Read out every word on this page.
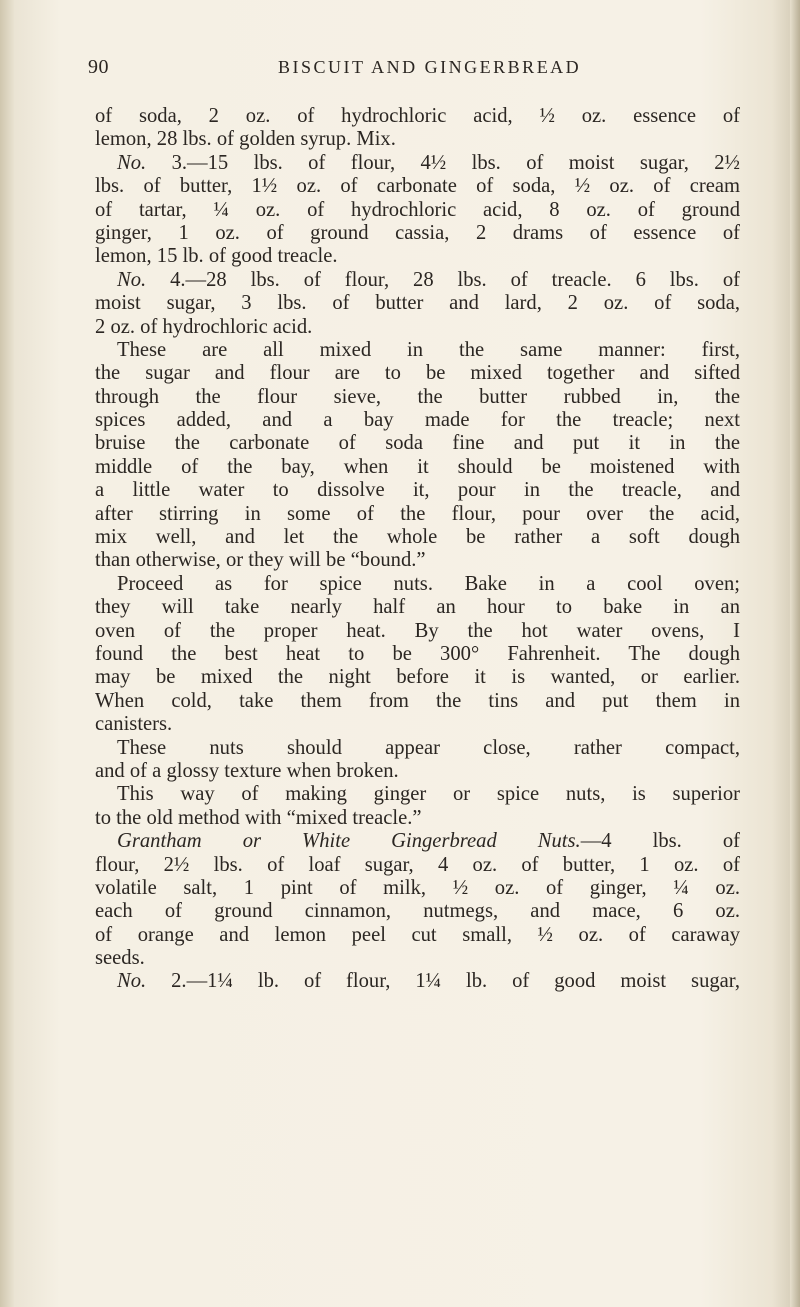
90	BISCUIT AND GINGERBREAD
of soda, 2 oz. of hydrochloric acid, ½ oz. essence of
lemon, 28 lbs. of golden syrup. Mix.
No. 3.—15 lbs. of flour, 4½ lbs. of moist sugar, 2½
lbs. of butter, 1½ oz. of carbonate of soda, ½ oz. of cream
of tartar, ¼ oz. of hydrochloric acid, 8 oz. of ground
ginger, 1 oz. of ground cassia, 2 drams of essence of
lemon, 15 lb. of good treacle.
No. 4.—28 lbs. of flour, 28 lbs. of treacle. 6 lbs. of
moist sugar, 3 lbs. of butter and lard, 2 oz. of soda,
2 oz. of hydrochloric acid.
These are all mixed in the same manner: first,
the sugar and flour are to be mixed together and sifted
through the flour sieve, the butter rubbed in, the
spices added, and a bay made for the treacle; next
bruise the carbonate of soda fine and put it in the
middle of the bay, when it should be moistened with
a little water to dissolve it, pour in the treacle, and
after stirring in some of the flour, pour over the acid,
mix well, and let the whole be rather a soft dough
than otherwise, or they will be “bound.”
Proceed as for spice nuts. Bake in a cool oven;
they will take nearly half an hour to bake in an
oven of the proper heat. By the hot water ovens, I
found the best heat to be 300° Fahrenheit. The dough
may be mixed the night before it is wanted, or earlier.
When cold, take them from the tins and put them in
canisters.
These nuts should appear close, rather compact,
and of a glossy texture when broken.
This way of making ginger or spice nuts, is superior
to the old method with “mixed treacle.”
Grantham or White Gingerbread Nuts.—4 lbs. of
flour, 2½ lbs. of loaf sugar, 4 oz. of butter, 1 oz. of
volatile salt, 1 pint of milk, ½ oz. of ginger, ¼ oz.
each of ground cinnamon, nutmegs, and mace, 6 oz.
of orange and lemon peel cut small, ½ oz. of caraway
seeds.
No. 2.—1¼ lb. of flour, 1¼ lb. of good moist sugar,
